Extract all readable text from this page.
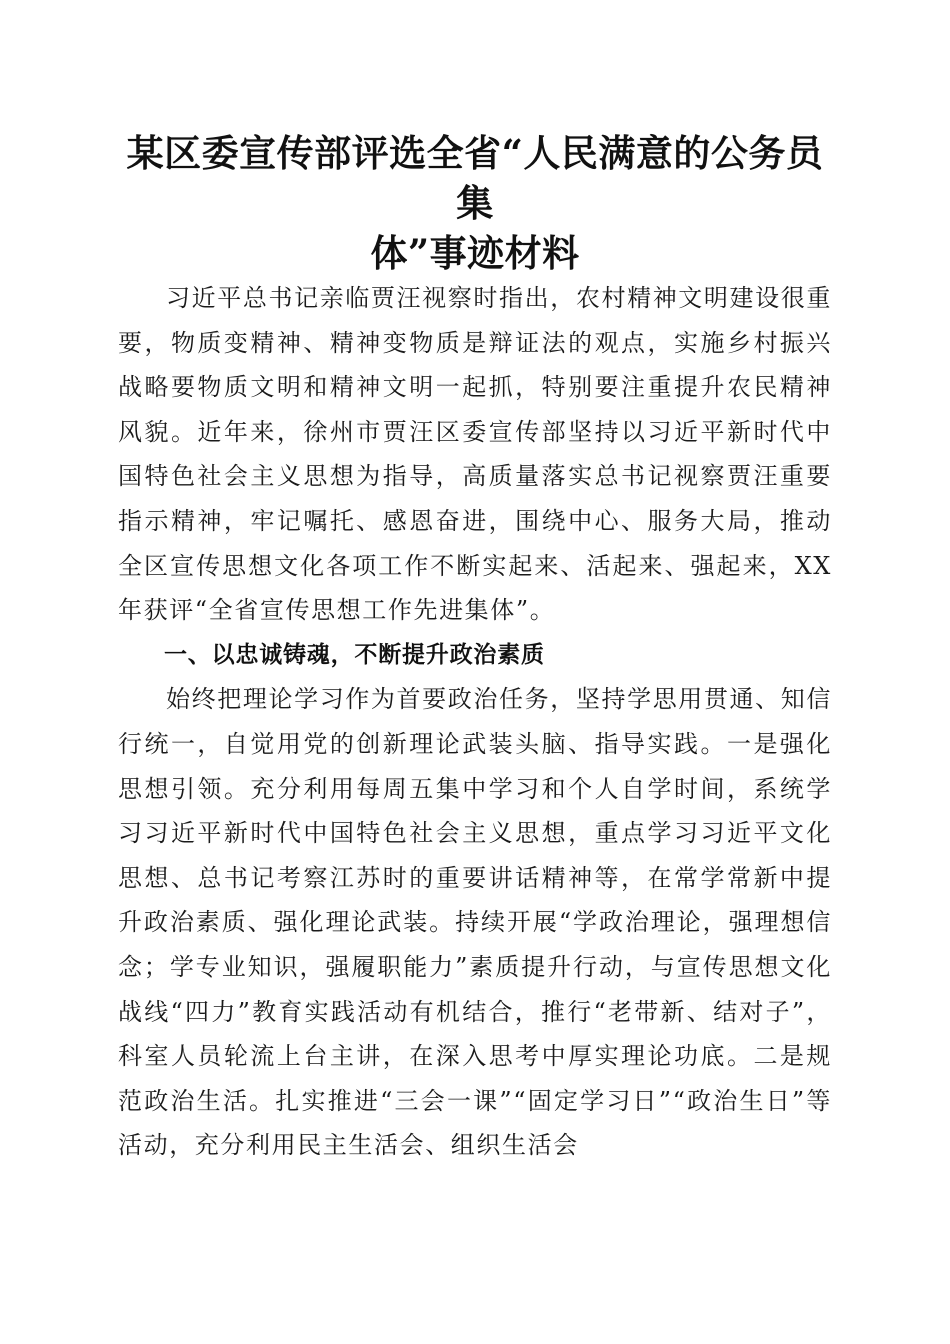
某区委宣传部评选全省“人民满意的公务员集
体”事迹材料

习近平总书记亲临贾汪视察时指出，农村精神文明建设很重要，物质变精神、精神变物质是辩证法的观点，实施乡村振兴战略要物质文明和精神文明一起抓，特别要注重提升农民精神风貌。近年来，徐州市贾汪区委宣传部坚持以习近平新时代中国特色社会主义思想为指导，高质量落实总书记视察贾汪重要指示精神，牢记嘱托、感恩奋进，围绕中心、服务大局，推动全区宣传思想文化各项工作不断实起来、活起来、强起来，XX年获评“全省宣传思想工作先进集体”。

一、以忠诚铸魂，不断提升政治素质

始终把理论学习作为首要政治任务，坚持学思用贯通、知信行统一，自觉用党的创新理论武装头脑、指导实践。一是强化思想引领。充分利用每周五集中学习和个人自学时间，系统学习习近平新时代中国特色社会主义思想，重点学习习近平文化思想、总书记考察江苏时的重要讲话精神等，在常学常新中提升政治素质、强化理论武装。持续开展“学政治理论，强理想信念；学专业知识，强履职能力”素质提升行动，与宣传思想文化战线“四力”教育实践活动有机结合，推行“老带新、结对子”，科室人员轮流上台主讲，在深入思考中厚实理论功底。二是规范政治生活。扎实推进“三会一课”“固定学习日”“政治生日”等活动，充分利用民主生活会、组织生活会
